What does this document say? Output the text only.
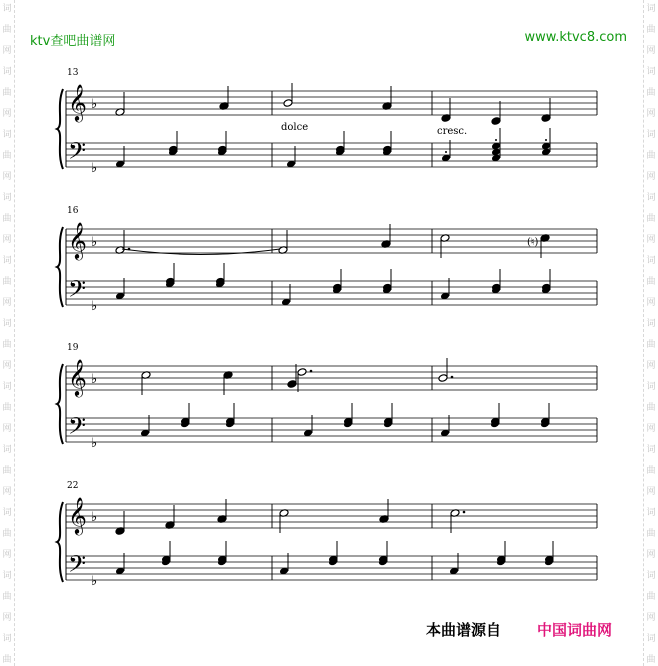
词
曲
网
词
曲
网
词
曲
网
词
曲
网
词
曲
网
词
曲
网
词
曲
网
词
曲
网
词
曲
网
词
曲
网
词
曲
词
曲
网
词
曲
网
词
曲
网
词
曲
网
词
曲
网
词
曲
网
词
曲
网
词
曲
网
词
曲
网
词
曲
网
词
曲
ktv查吧曲谱网	www.ktvc8.com
𝄞
𝄢
♭
♭
𝄞
𝄢
♭
♭
𝄞
𝄢
♭
♭
𝄞
𝄢
♭
♭
13
16
19
22
dolce	cresc.
(♮)
本曲谱源自 中国词曲网
